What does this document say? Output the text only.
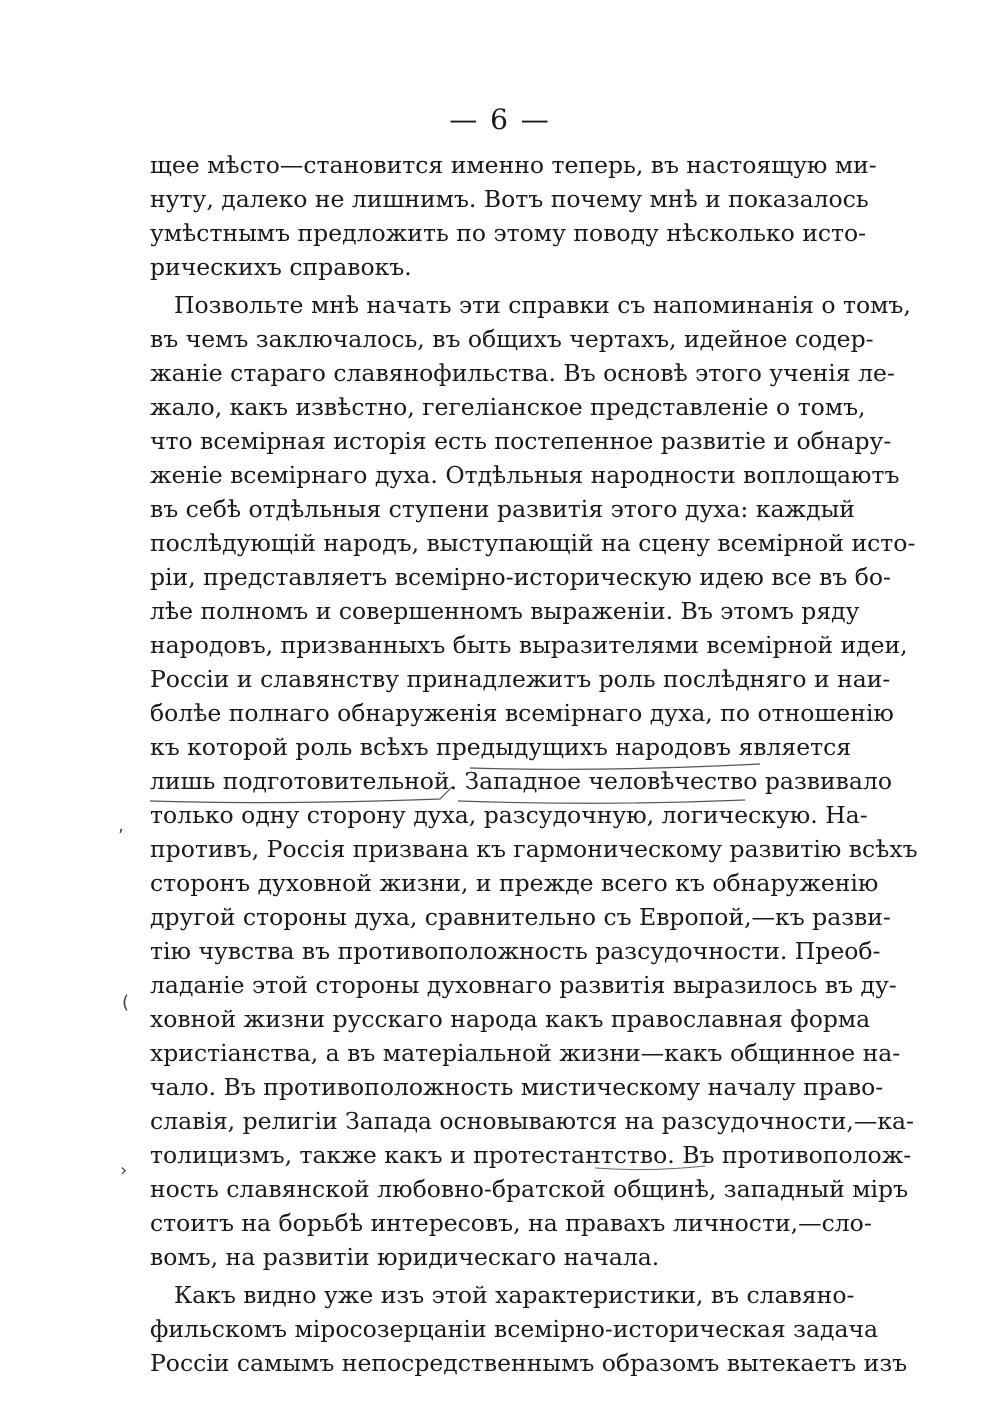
— 6 —
щее мѣсто—становится именно теперь, въ настоящую ми-
нуту, далеко не лишнимъ. Вотъ почему мнѣ и показалось
умѣстнымъ предложить по этому поводу нѣсколько исто-
рическихъ справокъ.
Позвольте мнѣ начать эти справки съ напоминанія о томъ,
въ чемъ заключалось, въ общихъ чертахъ, идейное содер-
жаніе стараго славянофильства. Въ основѣ этого ученія ле-
жало, какъ извѣстно, гегеліанское представленіе о томъ,
что всемірная исторія есть постепенное развитіе и обнару-
женіе всемірнаго духа. Отдѣльныя народности воплощаютъ
въ себѣ отдѣльныя ступени развитія этого духа: каждый
послѣдующій народъ, выступающій на сцену всемірной исто-
ріи, представляетъ всемірно-историческую идею все въ бо-
лѣе полномъ и совершенномъ выраженіи. Въ этомъ ряду
народовъ, призванныхъ быть выразителями всемірной идеи,
Россіи и славянству принадлежитъ роль послѣдняго и наи-
болѣе полнаго обнаруженія всемірнаго духа, по отношенію
къ которой роль всѣхъ предыдущихъ народовъ является
лишь подготовительной. Западное человѣчество развивало
только одну сторону духа, разсудочную, логическую. На-
противъ, Россія призвана къ гармоническому развитію всѣхъ
сторонъ духовной жизни, и прежде всего къ обнаруженію
другой стороны духа, сравнительно съ Европой,—къ разви-
тію чувства въ противоположность разсудочности. Преоб-
ладаніе этой стороны духовнаго развитія выразилось въ ду-
ховной жизни русскаго народа какъ православная форма
христіанства, а въ матеріальной жизни—какъ общинное на-
чало. Въ противоположность мистическому началу право-
славія, религіи Запада основываются на разсудочности,—ка-
толицизмъ, также какъ и протестантство. Въ противополож-
ность славянской любовно-братской общинѣ, западный міръ
стоитъ на борьбѣ интересовъ, на правахъ личности,—сло-
вомъ, на развитіи юридическаго начала.
Какъ видно уже изъ этой характеристики, въ славяно-
фильскомъ міросозерцаніи всемірно-историческая задача
Россіи самымъ непосредственнымъ образомъ вытекаетъ изъ
ʼ
(
›
